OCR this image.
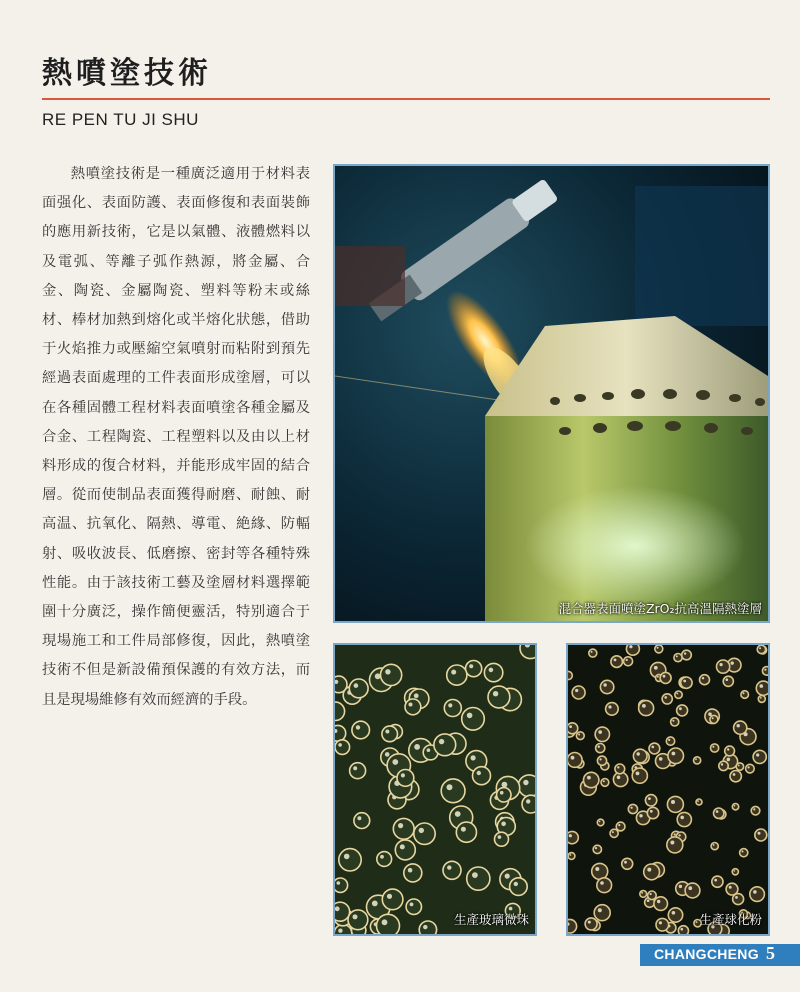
熱噴塗技術
RE PEN TU JI SHU
熱噴塗技術是一種廣泛適用于材料表面强化、表面防護、表面修復和表面裝飾的應用新技術，它是以氣體、液體燃料以及電弧、等離子弧作熱源，將金屬、合金、陶瓷、金屬陶瓷、塑料等粉末或絲材、棒材加熱到熔化或半熔化狀態，借助于火焰推力或壓縮空氣噴射而粘附到預先經過表面處理的工件表面形成塗層，可以在各種固體工程材料表面噴塗各種金屬及合金、工程陶瓷、工程塑料以及由以上材料形成的復合材料，并能形成牢固的結合層。從而使制品表面獲得耐磨、耐蝕、耐高温、抗氧化、隔熱、導電、絶緣、防輻射、吸收波長、低磨擦、密封等各種特殊性能。由于該技術工藝及塗層材料選擇範圍十分廣泛，操作簡便靈活，特别適合于現場施工和工件局部修復，因此，熱噴塗技術不但是新設備預保護的有效方法，而且是現場維修有效而經濟的手段。
混合器表面噴塗ZrO₂抗高溫隔熱塗層
生產玻璃微珠	生產球化粉
CHANGCHENG 5
